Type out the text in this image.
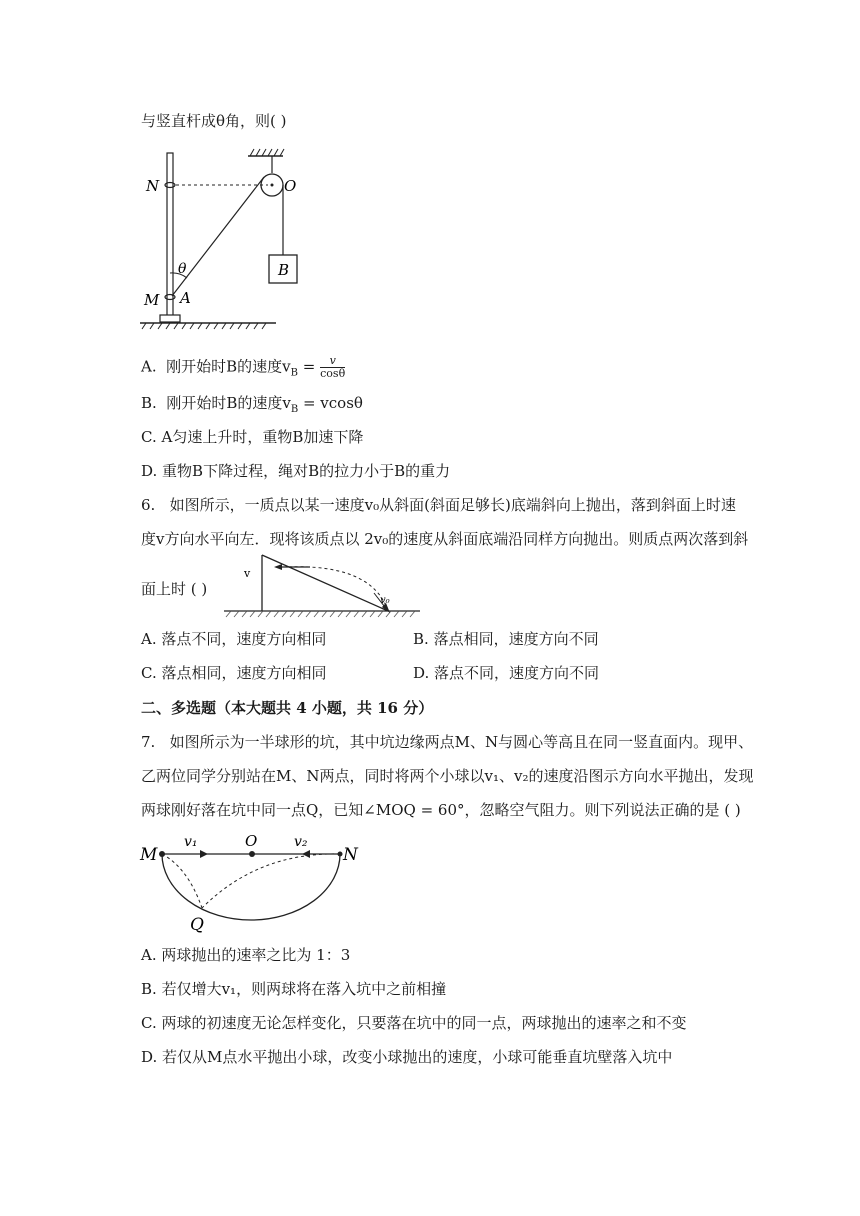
与竖直杆成θ角，则( )
N	O
θ
M A
B
A. 刚开始时B的速度$v_B = \frac{v}{\cos\theta}$
B. 刚开始时B的速度$v_B = vcos\theta$
C. A匀速上升时，重物B加速下降
D. 重物B下降过程，绳对B的拉力小于B的重力
6. 如图所示，一质点以某一速度v₀从斜面(斜面足够长)底端斜向上抛出，落到斜面上时速
度v方向水平向左．现将该质点以 2v₀的速度从斜面底端沿同样方向抛出。则质点两次落到斜
面上时 ( )
v
v₀
A. 落点不同，速度方向相同	B. 落点相同，速度方向不同
C. 落点相同，速度方向相同	D. 落点不同，速度方向不同
二、多选题（本大题共 4 小题，共 16 分）
7. 如图所示为一半球形的坑，其中坑边缘两点M、N与圆心等高且在同一竖直面内。现甲、
乙两位同学分别站在M、N两点，同时将两个小球以v₁、v₂的速度沿图示方向水平抛出，发现
两球刚好落在坑中同一点Q，已知∠MOQ = 60°，忽略空气阻力。则下列说法正确的是 ( )
M
v₁	O	v₂
N
Q
A. 两球抛出的速率之比为 1：3
B. 若仅增大v₁，则两球将在落入坑中之前相撞
C. 两球的初速度无论怎样变化，只要落在坑中的同一点，两球抛出的速率之和不变
D. 若仅从M点水平抛出小球，改变小球抛出的速度，小球可能垂直坑壁落入坑中
